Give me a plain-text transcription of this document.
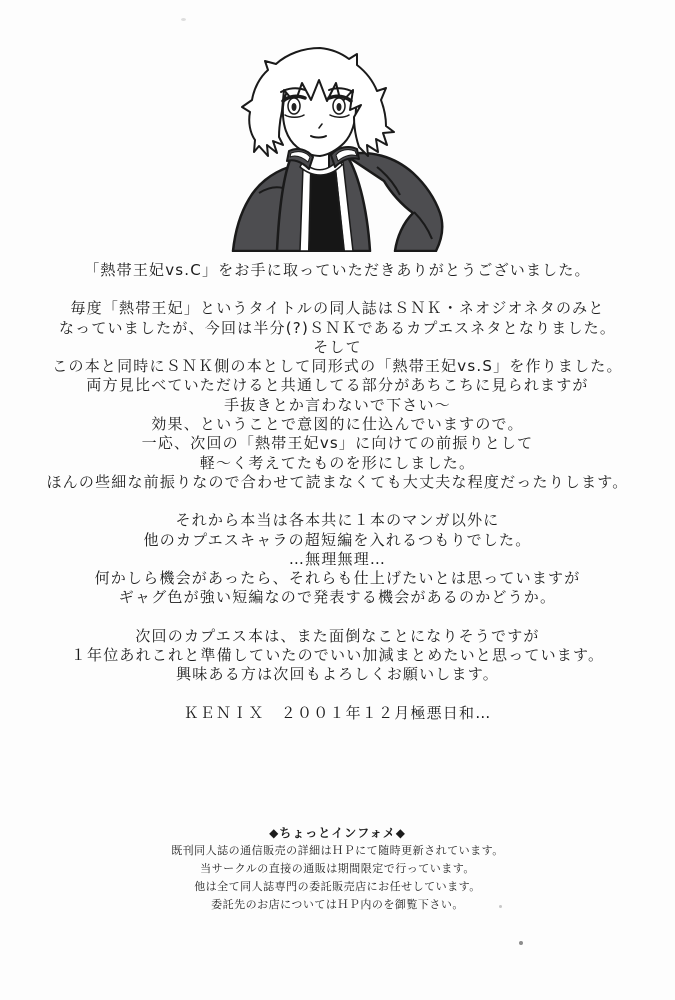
「熱帯王妃vs.C」をお手に取っていただきありがとうございました。
毎度「熱帯王妃」というタイトルの同人誌はＳＮＫ・ネオジオネタのみと
なっていましたが、今回は半分(?)ＳＮＫであるカプエスネタとなりました。
そして
この本と同時にＳＮＫ側の本として同形式の「熱帯王妃vs.S」を作りました。
両方見比べていただけると共通してる部分があちこちに見られますが
手抜きとか言わないで下さい～
効果、ということで意図的に仕込んでいますので。
一応、次回の「熱帯王妃vs」に向けての前振りとして
軽～く考えてたものを形にしました。
ほんの些細な前振りなので合わせて読まなくても大丈夫な程度だったりします。
それから本当は各本共に１本のマンガ以外に
他のカプエスキャラの超短編を入れるつもりでした。
…無理無理…
何かしら機会があったら、それらも仕上げたいとは思っていますが
ギャグ色が強い短編なので発表する機会があるのかどうか。
次回のカプエス本は、また面倒なことになりそうですが
１年位あれこれと準備していたのでいい加減まとめたいと思っています。
興味ある方は次回もよろしくお願いします。
ＫＥＮＩＸ　２００１年１２月極悪日和…
◆ちょっとインフォメ◆
既刊同人誌の通信販売の詳細はＨＰにて随時更新されています。
当サークルの直接の通販は期間限定で行っています。
他は全て同人誌専門の委託販売店にお任せしています。
委託先のお店についてはＨＰ内のを御覧下さい。
